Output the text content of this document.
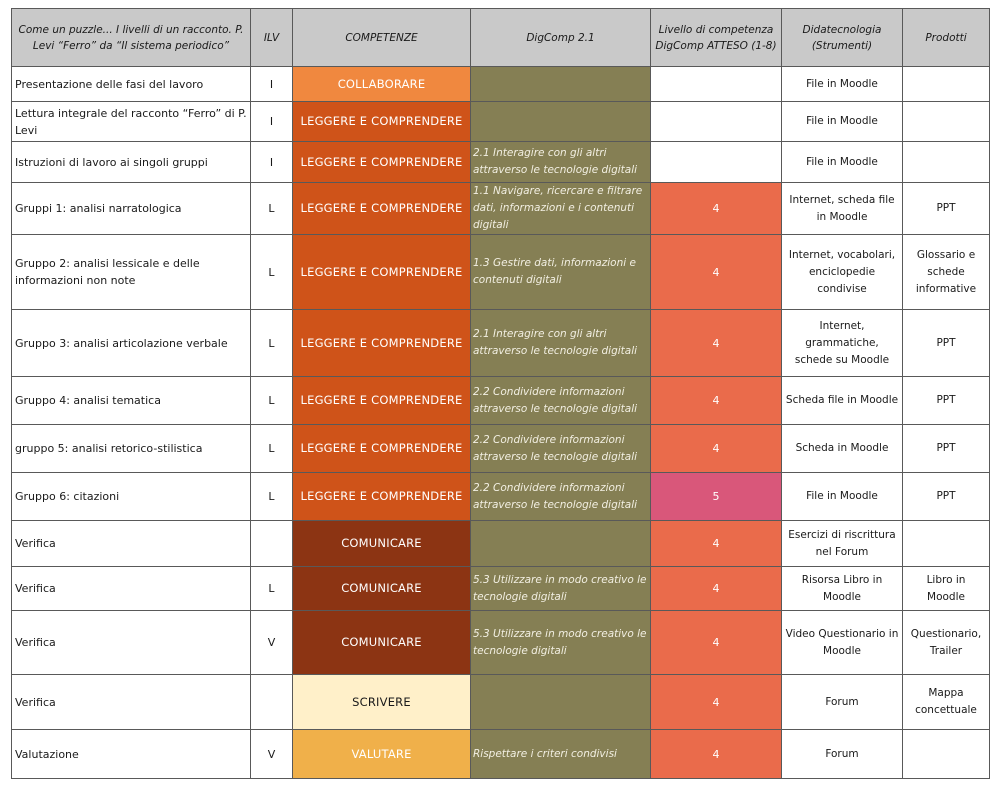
Come un puzzle... I livelli di un racconto. P. Levi “Ferro” da “Il sistema periodico”	ILV	COMPETENZE	DigComp 2.1	Livello di competenza DigComp ATTESO (1-8)	Didatecnologia (Strumenti)	Prodotti
Presentazione delle fasi del lavoro	I	COLLABORARE			File in Moodle	
Lettura integrale del racconto “Ferro” di P. Levi	I	LEGGERE E COMPRENDERE			File in Moodle	
Istruzioni di lavoro ai singoli gruppi	I	LEGGERE E COMPRENDERE	2.1 Interagire con gli altri attraverso le tecnologie digitali		File in Moodle	
Gruppi 1: analisi narratologica	L	LEGGERE E COMPRENDERE	1.1 Navigare, ricercare e filtrare dati, informazioni e i contenuti digitali	4	Internet, scheda file in Moodle	PPT
Gruppo 2: analisi lessicale e delle informazioni non note	L	LEGGERE E COMPRENDERE	1.3 Gestire dati, informazioni e contenuti digitali	4	Internet, vocabolari, enciclopedie condivise	Glossario e schede informative
Gruppo 3: analisi articolazione verbale	L	LEGGERE E COMPRENDERE	2.1 Interagire con gli altri attraverso le tecnologie digitali	4	Internet, grammatiche, schede su Moodle	PPT
Gruppo 4: analisi tematica	L	LEGGERE E COMPRENDERE	2.2 Condividere informazioni attraverso le tecnologie digitali	4	Scheda file in Moodle	PPT
gruppo 5: analisi retorico-stilistica	L	LEGGERE E COMPRENDERE	2.2 Condividere informazioni attraverso le tecnologie digitali	4	Scheda in Moodle	PPT
Gruppo 6: citazioni	L	LEGGERE E COMPRENDERE	2.2 Condividere informazioni attraverso le tecnologie digitali	5	File in Moodle	PPT
Verifica		COMUNICARE		4	Esercizi di riscrittura nel Forum	
Verifica	L	COMUNICARE	5.3 Utilizzare in modo creativo le tecnologie digitali	4	Risorsa Libro in Moodle	Libro in Moodle
Verifica	V	COMUNICARE	5.3 Utilizzare in modo creativo le tecnologie digitali	4	Video Questionario in Moodle	Questionario, Trailer
Verifica		SCRIVERE		4	Forum	Mappa concettuale
Valutazione	V	VALUTARE	Rispettare i criteri condivisi	4	Forum	
